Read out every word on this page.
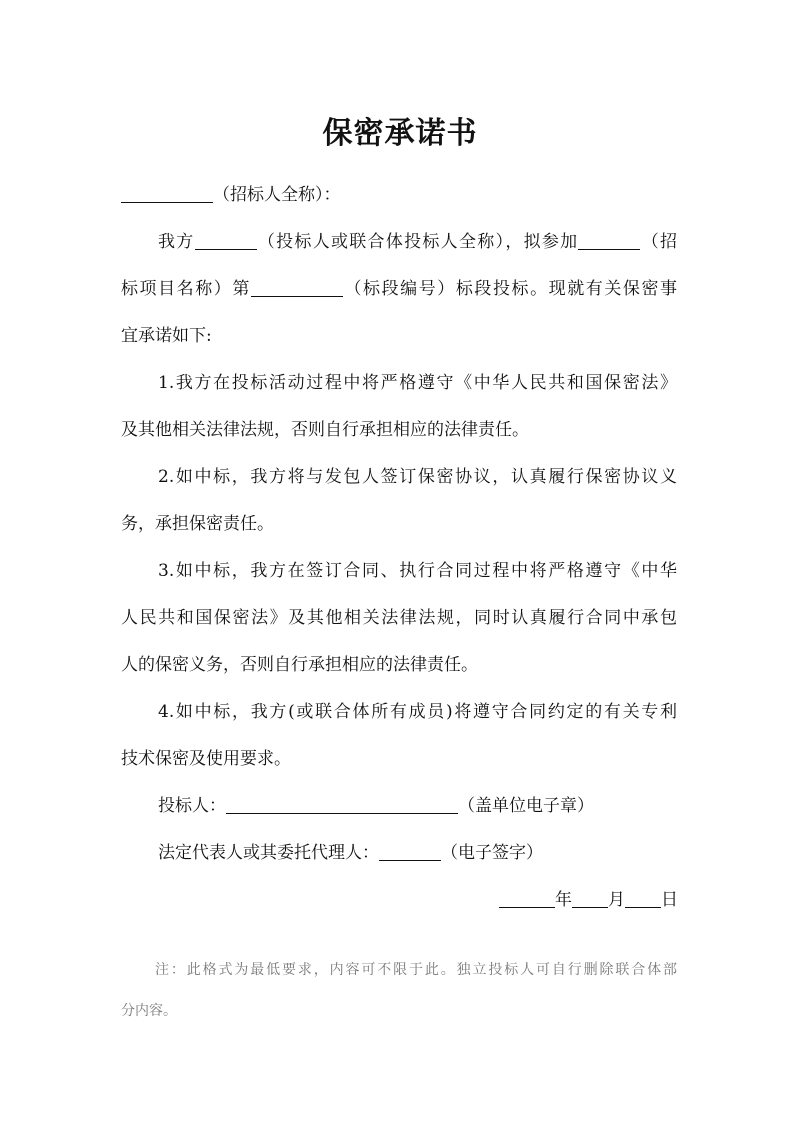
保密承诺书
（招标人全称）：
我方	（投标人或联合体投标人全称），拟参加	（招
标项目名称）第	（标段编号）标段投标。现就有关保密事
宜承诺如下:
1.我方在投标活动过程中将严格遵守《中华人民共和国保密法》
及其他相关法律法规，否则自行承担相应的法律责任。
2.如中标，我方将与发包人签订保密协议，认真履行保密协议义
务，承担保密责任。
3.如中标，我方在签订合同、执行合同过程中将严格遵守《中华
人民共和国保密法》及其他相关法律法规，同时认真履行合同中承包
人的保密义务，否则自行承担相应的法律责任。
4.如中标，我方(或联合体所有成员)将遵守合同约定的有关专利
技术保密及使用要求。
投标人：	（盖单位电子章）
法定代表人或其委托代理人：	（电子签字）
年 月 日
注：此格式为最低要求，内容可不限于此。独立投标人可自行删除联合体部
分内容。
